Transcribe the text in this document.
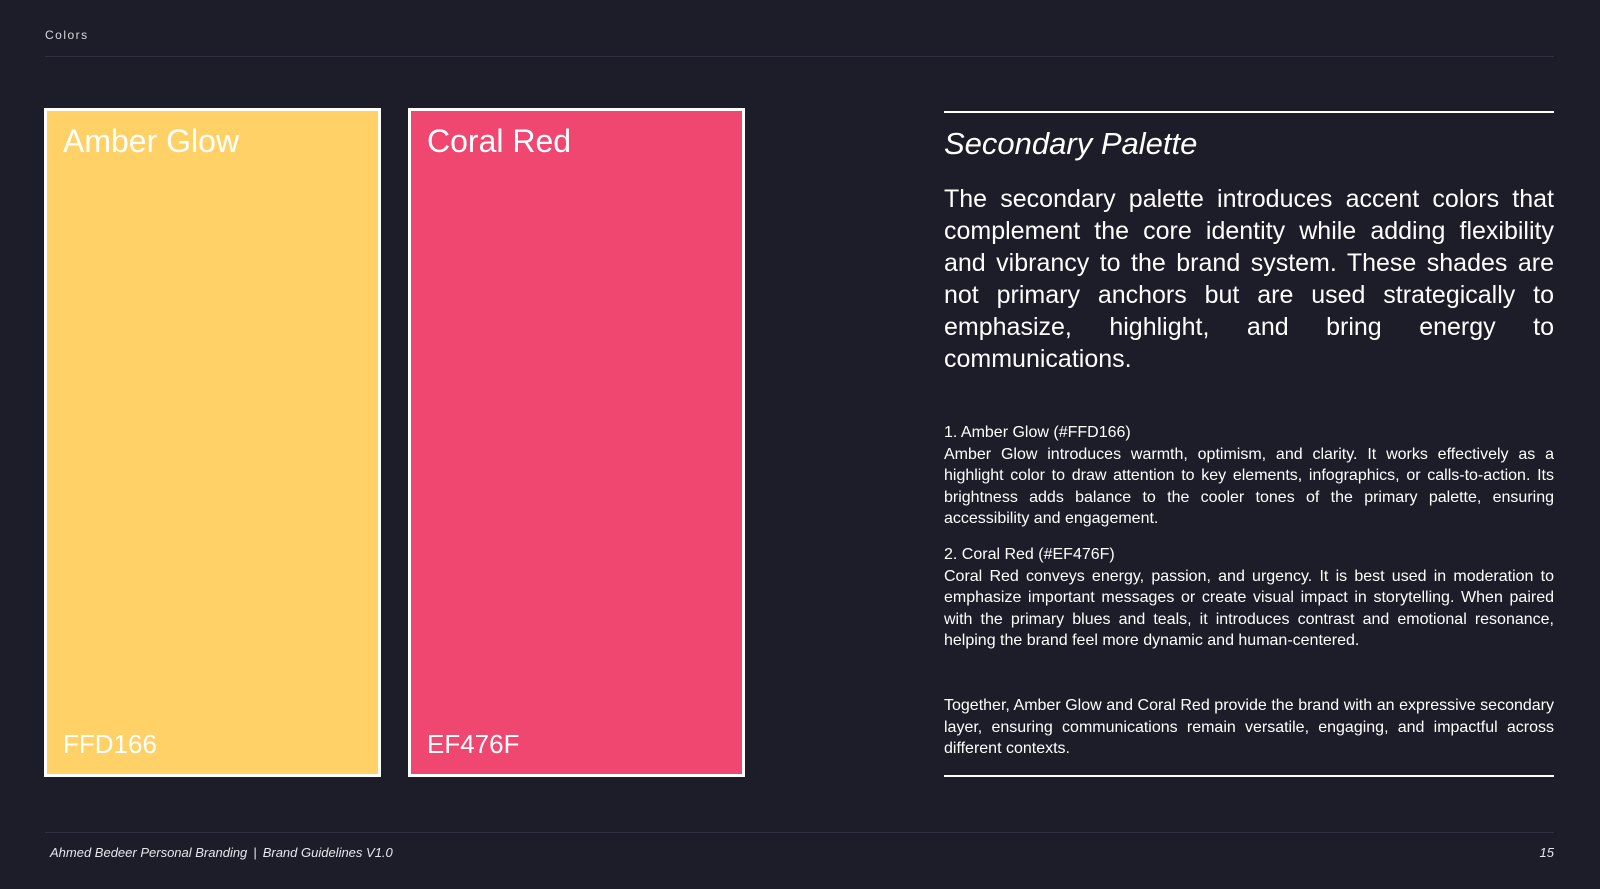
Colors
Amber Glow
FFD166
Coral Red
EF476F
Secondary Palette
The secondary palette introduces accent colors that complement the core identity while adding flexibility and vibrancy to the brand system. These shades are not primary anchors but are used strategically to emphasize, highlight, and bring energy to communications.
1. Amber Glow (#FFD166)
Amber Glow introduces warmth, optimism, and clarity. It works effectively as a highlight color to draw attention to key elements, infographics, or calls-to-action. Its brightness adds balance to the cooler tones of the primary palette, ensuring accessibility and engagement.
2. Coral Red (#EF476F)
Coral Red conveys energy, passion, and urgency. It is best used in moderation to emphasize important messages or create visual impact in storytelling. When paired with the primary blues and teals, it introduces contrast and emotional resonance, helping the brand feel more dynamic and human-centered.
Together, Amber Glow and Coral Red provide the brand with an expressive secondary layer, ensuring communications remain versatile, engaging, and impactful across different contexts.
Ahmed Bedeer Personal Branding | Brand Guidelines V1.0	15
